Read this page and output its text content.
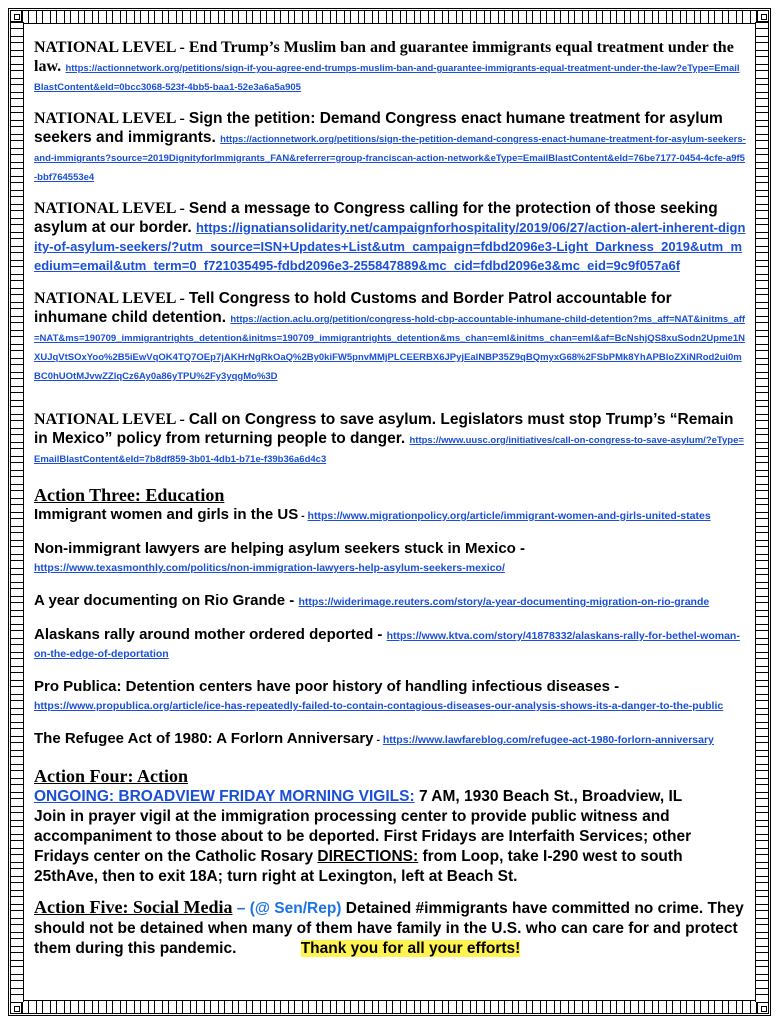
NATIONAL LEVEL - End Trump’s Muslim ban and guarantee immigrants equal treatment under the law. https://actionnetwork.org/petitions/sign-if-you-agree-end-trumps-muslim-ban-and-guarantee-immigrants-equal-treatment-under-the-law?eType=EmailBlastContent&eId=0bcc3068-523f-4bb5-baa1-52e3a6a5a905
NATIONAL LEVEL - Sign the petition: Demand Congress enact humane treatment for asylum seekers and immigrants. https://actionnetwork.org/petitions/sign-the-petition-demand-congress-enact-humane-treatment-for-asylum-seekers-and-immigrants?source=2019DignityforImmigrants_FAN&referrer=group-franciscan-action-network&eType=EmailBlastContent&eId=76be7177-0454-4cfe-a9f5-bbf764553e4
NATIONAL LEVEL - Send a message to Congress calling for the protection of those seeking asylum at our border. https://ignatiansolidarity.net/campaignforhospitality/2019/06/27/action-alert-inherent-dignity-of-asylum-seekers/?utm_source=ISN+Updates+List&utm_campaign=fdbd2096e3-Light_Darkness_2019&utm_medium=email&utm_term=0_f721035495-fdbd2096e3-255847889&mc_cid=fdbd2096e3&mc_eid=9c9f057a6f
NATIONAL LEVEL - Tell Congress to hold Customs and Border Patrol accountable for inhumane child detention. https://action.aclu.org/petition/congress-hold-cbp-accountable-inhumane-child-detention?ms_aff=NAT&initms_aff=NAT&ms=190709_immigrantrights_detention&initms=190709_immigrantrights_detention&ms_chan=eml&initms_chan=eml&af=BcNshjQS8xuSodn2Upme1NXUJqVtSOxYoo%2B5iEwVqOK4TQ7OEp7jAKHrNgRkOaQ%2By0kiFW5pnvMMjPLCEERBX6JPyjEalNBP35Z9qBQmyxG68%2FSbPMk8YhAPBloZXiNRod2ui0mBC0hUOtMJvwZZlqCz6Ay0a86yTPU%2Fy3yqgMo%3D
NATIONAL LEVEL - Call on Congress to save asylum. Legislators must stop Trump’s “Remain in Mexico” policy from returning people to danger. https://www.uusc.org/initiatives/call-on-congress-to-save-asylum/?eType=EmailBlastContent&eId=7b8df859-3b01-4db1-b71e-f39b36a6d4c3
Action Three: Education
Immigrant women and girls in the US - https://www.migrationpolicy.org/article/immigrant-women-and-girls-united-states
Non-immigrant lawyers are helping asylum seekers stuck in Mexico -
https://www.texasmonthly.com/politics/non-immigration-lawyers-help-asylum-seekers-mexico/
A year documenting on Rio Grande - https://widerimage.reuters.com/story/a-year-documenting-migration-on-rio-grande
Alaskans rally around mother ordered deported - https://www.ktva.com/story/41878332/alaskans-rally-for-bethel-woman-on-the-edge-of-deportation
Pro Publica: Detention centers have poor history of handling infectious diseases -
https://www.propublica.org/article/ice-has-repeatedly-failed-to-contain-contagious-diseases-our-analysis-shows-its-a-danger-to-the-public
The Refugee Act of 1980: A Forlorn Anniversary - https://www.lawfareblog.com/refugee-act-1980-forlorn-anniversary
Action Four: Action
ONGOING: BROADVIEW FRIDAY MORNING VIGILS: 7 AM, 1930 Beach St., Broadview, IL
Join in prayer vigil at the immigration processing center to provide public witness and accompaniment to those about to be deported. First Fridays are Interfaith Services; other Fridays center on the Catholic Rosary DIRECTIONS: from Loop, take I-290 west to south 25thAve, then to exit 18A; turn right at Lexington, left at Beach St.
Action Five: Social Media – (@ Sen/Rep) Detained #immigrants have committed no crime. They should not be detained when many of them have family in the U.S. who can care for and protect them during this pandemic.	Thank you for all your efforts!
